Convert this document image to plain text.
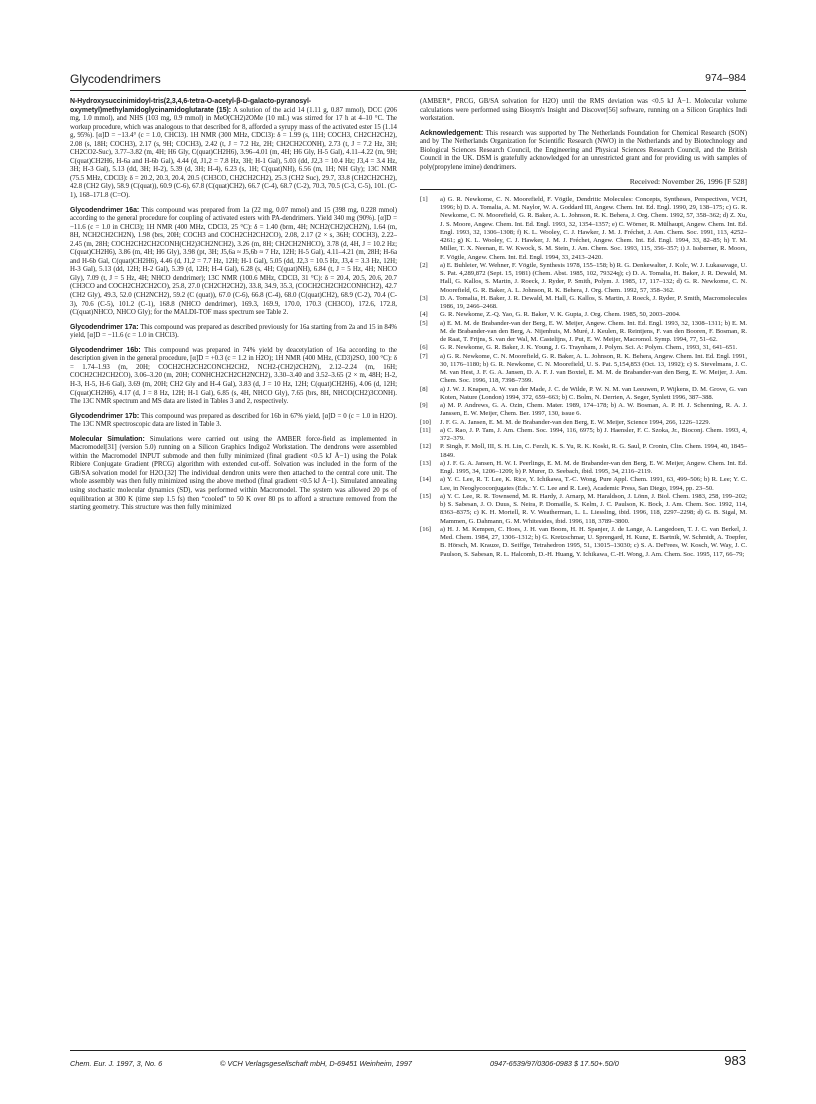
Glycodendrimers	974–984

N-Hydroxysuccinimidoyl-tris(2,3,4,6-tetra-O-acetyl-β-D-galacto-pyranosyl-oxymetyl)methylamidoglycinamidoglutarate (15): A solution of the acid 14 (1.11 g, 0.87 mmol), DCC (206 mg, 1.0 mmol), and NHS (103 mg, 0.9 mmol) in MeO(CH2)2OMe (10 mL) was stirred for 17 h at 4–10 °C. The workup procedure, which was analogous to that described for 8, afforded a syrupy mass of the activated ester 15 (1.14 g, 95%). [α]D = −13.4° (c = 1.0, CHCl3). 1H NMR (300 MHz, CDCl3): δ = 1.99 (s, 11H; COCH3, CH2CH2CH2), 2.08 (s, 18H; COCH3), 2.17 (s, 9H; COCH3), 2.42 (t, J = 7.2 Hz, 2H; CH2CH2CONH), 2.73 (t, J = 7.2 Hz, 3H; CH2CO2-Suc), 3.77–3.82 (m, 4H; H6 Gly, C(quat)CH2H6), 3.96–4.01 (m, 4H; H6 Gly, H-5 Gal), 4.11–4.22 (m, 9H; C(quat)CH2H6, H-6a and H-6b Gal), 4.44 (d, J1,2 = 7.8 Hz, 3H; H-1 Gal), 5.03 (dd, J2,3 = 10.4 Hz; J3,4 = 3.4 Hz, 3H; H-3 Gal), 5.13 (dd, 3H; H-2), 5.39 (d, 3H; H-4), 6.23 (s, 1H; C(quat)NH), 6.56 (m, 1H; NH Gly); 13C NMR (75.5 MHz, CDCl3): δ = 20.2, 20.3, 20.4, 20.5 (CH3CO, CH2CH2CH2), 25.3 (CH2 Suc), 29.7, 33.8 (CH2CH2CH2), 42.8 (CH2 Gly), 58.9 (C(quat)), 60.9 (C-6), 67.8 (C(quat)CH2), 66.7 (C-4), 68.7 (C-2), 70.3, 70.5 (C-3, C-5), 101. (C-1), 168–171.8 (C=O).

Glycodendrimer 16a: This compound was prepared from 1a (22 mg, 0.07 mmol) and 15 (398 mg, 0.228 mmol) according to the general procedure for coupling of activated esters with PA-dendrimers. Yield 340 mg (90%). [α]D = −11.6 (c = 1.0 in CHCl3); 1H NMR (400 MHz, CDCl3, 25 °C): δ = 1.40 (brm, 4H; NCH2(CH2)2CH2N), 1.64 (m, 8H, NCH2CH2CH2N), 1.98 (brs, 20H; COCH3 and COCH2CH2CH2CO), 2.08, 2.17 (2 × s, 36H; COCH3), 2.22–2.45 (m, 28H; COCH2CH2CH2CONH(CH2)3CH2NCH2), 3.26 (m, 8H; CH2CH2NHCO), 3.78 (d, 4H, J = 10.2 Hz; C(quat)CH2H6), 3.86 (m, 4H; H6 Gly), 3.98 (pt, 3H; J5,6a ≈ J5,6b ≈ 7 Hz, 12H; H-5 Gal), 4.11–4.21 (m, 28H; H-6a and H-6b Gal, C(quat)CH2H6), 4.46 (d, J1,2 = 7.7 Hz, 12H; H-1 Gal), 5.05 (dd, J2,3 = 10.5 Hz, J3,4 = 3.3 Hz, 12H; H-3 Gal), 5.13 (dd, 12H; H-2 Gal), 5.39 (d, 12H; H-4 Gal), 6.28 (s, 4H; C(quat)NH), 6.84 (t, J = 5 Hz, 4H; NHCO Gly), 7.09 (t, J = 5 Hz, 4H; NHCO dendrimer); 13C NMR (100.6 MHz, CDCl3, 31 °C): δ = 20.4, 20.5, 20.6, 20.7 (CH3CO and COCH2CH2CH2CO), 25.8, 27.0 (CH2CH2CH2), 33.8, 34.9, 35.3, (COCH2CH2CH2CONHCH2), 42.7 (CH2 Gly), 49.3, 52.0 (CH2NCH2), 59.2 (C (quat)), 67.0 (C-6), 66.8 (C-4), 68.0 (C(quat)CH2), 68.9 (C-2), 70.4 (C-3), 70.6 (C-5), 101.2 (C-1), 168.8 (NHCO dendrimer), 169.3, 169.9, 170.0, 170.3 (CH3CO), 172.6, 172.8, (C(quat)NHCO, NHCO Gly); for the MALDI-TOF mass spectrum see Table 2.

Glycodendrimer 17a: This compound was prepared as described previously for 16a starting from 2a and 15 in 84% yield, [α]D = −11.6 (c = 1.0 in CHCl3).

Glycodendrimer 16b: This compound was prepared in 74% yield by deacetylation of 16a according to the description given in the general procedure, [α]D = +0.3 (c = 1.2 in H2O); 1H NMR (400 MHz, (CD3)2SO, 100 °C): δ = 1.74–1.93 (m, 20H; COCH2CH2CH2CONCH2CH2, NCH2-(CH2)2CH2N), 2.12–2.24 (m, 16H; COCH2CH2CH2CO), 3.06–3.20 (m, 20H; CONHCH2CH2CH2NCH2), 3.30–3.40 and 3.52–3.65 (2 × m, 48H; H-2, H-3, H-5, H-6 Gal), 3.69 (m, 20H; CH2 Gly and H-4 Gal), 3.83 (d, J = 10 Hz, 12H; C(quat)CH2H6), 4.06 (d, 12H; C(quat)CH2H6), 4.17 (d, J = 8 Hz, 12H; H-1 Gal), 6.85 (s, 4H, NHCO Gly), 7.65 (brs, 8H, NHCO(CH2)3CONH). The 13C NMR spectrum and MS data are listed in Tables 3 and 2, respectively.

Glycodendrimer 17b: This compound was prepared as described for 16b in 67% yield, [α]D = 0 (c = 1.0 in H2O). The 13C NMR spectroscopic data are listed in Table 3.

Molecular Simulation: Simulations were carried out using the AMBER force-field as implemented in Macromodel[31] (version 5.0) running on a Silicon Graphics Indigo2 Workstation. The dendrons were assembled within the Macromodel INPUT submode and then fully minimized (final gradient <0.5 kJ Å−1) using the Polak Ribiere Conjugate Gradient (PRCG) algorithm with extended cut-off. Solvation was included in the form of the GB/SA solvation model for H2O.[32] The individual dendron units were then attached to the central core unit. The whole assembly was then fully minimized using the above method (final gradient <0.5 kJ Å−1). Simulated annealing using stochastic molecular dynamics (SD), was performed within Macromodel. The system was allowed 20 ps of equilibration at 300 K (time step 1.5 fs) then “cooled” to 50 K over 80 ps to afford a structure removed from the starting geometry. This structure was then fully minimized

(AMBER*, PRCG, GB/SA solvation for H2O) until the RMS deviation was <0.5 kJ Å−1. Molecular volume calculations were performed using Biosym's Insight and Discover[56] software, running on a Silicon Graphics Indi workstation.

Acknowledgement: This research was supported by The Netherlands Foundation for Chemical Research (SON) and by The Netherlands Organization for Scientific Research (NWO) in the Netherlands and by Biotechnology and Biological Sciences Research Council, the Engineering and Physical Sciences Research Council, and the British Council in the UK. DSM is gratefully acknowledged for an unrestricted grant and for providing us with samples of poly(propylene imine) dendrimers.

Received: November 26, 1996 [F 528]
[1]	a) G. R. Newkome, C. N. Moorefield, F. Vögtle, Dendritic Molecules: Concepts, Syntheses, Perspectives, VCH, 1996; b) D. A. Tomalia, A. M. Naylor, W. A. Goddard III, Angew. Chem. Int. Ed. Engl. 1990, 29, 138–175; c) G. R. Newkome, C. N. Moorefield, G. R. Baker, A. L. Johnson, R. K. Behera, J. Org. Chem. 1992, 57, 358–362; d) Z. Xu, J. S. Moore, Angew. Chem. Int. Ed. Engl. 1993, 32, 1354–1357; e) C. Wörner, R. Mülhaupt, Angew. Chem. Int. Ed. Engl. 1993, 32, 1306–1308; f) K. L. Wooley, C. J. Hawker, J. M. J. Fréchet, J. Am. Chem. Soc. 1991, 113, 4252–4261; g) K. L. Wooley, C. J. Hawker, J. M. J. Fréchet, Angew. Chem. Int. Ed. Engl. 1994, 33, 82–85; h) T. M. Miller, T. X. Neenan, E. W. Kwock, S. M. Stein, J. Am. Chem. Soc. 1993, 115, 356–357; i) J. Issberner, R. Moors, F. Vögtle, Angew. Chem. Int. Ed. Engl. 1994, 33, 2413–2420.
[2]	a) E. Buhleier, W. Wehner, F. Vögtle, Synthesis 1978, 155–158; b) R. G. Denkewalter, J. Kolc, W. J. Lukasavage, U. S. Pat. 4,289,872 (Sept. 15, 1981) (Chem. Abst. 1985, 102, 79324q); c) D. A. Tomalia, H. Baker, J. R. Dewald, M. Hall, G. Kallos, S. Martin, J. Roeck, J. Ryder, P. Smith, Polym. J. 1985, 17, 117–132; d) G. R. Newkome, C. N. Moorefield, G. R. Baker, A. L. Johnson, R. K. Behera, J. Org. Chem. 1992, 57, 358–362.
[3]	D. A. Tomalia, H. Baker, J. R. Dewald, M. Hall, G. Kallos, S. Martin, J. Roeck, J. Ryder, P. Smith, Macromolecules 1986, 19, 2466–2468.
[4]	G. R. Newkome, Z.-Q. Yao, G. R. Baker, V. K. Gupta, J. Org. Chem. 1985, 50, 2003–2004.
[5]	a) E. M. M. de Brabander-van der Berg, E. W. Meijer, Angew. Chem. Int. Ed. Engl. 1993, 32, 1308–1311; b) E. M. M. de Brabander-van den Berg, A. Nijenhuis, M. Muré, J. Keulen, R. Reintjens, F. van den Booren, F. Bosman, R. de Raat, T. Frijns, S. van der Wal, M. Castelijns, J. Put, E. W. Meijer, Macromol. Symp. 1994, 77, 51–62.
[6]	G. R. Newkome, G. R. Baker, J. K. Young, J. G. Traynham, J. Polym. Sci. A: Polym. Chem., 1993, 31, 641–651.
[7]	a) G. R. Newkome, C. N. Moorefield, G. R. Baker, A. L. Johnson, R. K. Behera, Angew. Chem. Int. Ed. Engl. 1991, 30, 1176–1180; b) G. R. Newkome, C. N. Moorefield, U. S. Pat. 5,154,853 (Oct. 13, 1992); c) S. Stevelmans, J. C. M. van Hest, J. F. G. A. Jansen, D. A. F. J. van Boxtel, E. M. M. de Brabander-van den Berg, E. W. Meijer, J. Am. Chem. Soc. 1996, 118, 7398–7399.
[8]	a) J. W. J. Knapen, A. W. van der Made, J. C. de Wilde, P. W. N. M. van Leeuwen, P. Wijkens, D. M. Grove, G. van Koten, Nature (London) 1994, 372, 659–663; b) C. Bolm, N. Derrien, A. Seger, Synlett 1996, 387–388.
[9]	a) M. P. Andrews, G. A. Ozin, Chem. Mater. 1989, 174–178; b) A. W. Bosman, A. P. H. J. Schenning, R. A. J. Janssen, E. W. Meijer, Chem. Ber. 1997, 130, issue 6.
[10]	J. F. G. A. Jansen, E. M. M. de Brabander-van den Berg, E. W. Meijer, Science 1994, 266, 1226–1229.
[11]	a) C. Rao, J. P. Tam, J. Am. Chem. Soc. 1994, 116, 6975; b) J. Haensler, F. C. Szoka, Jr., Bioconj. Chem. 1993, 4, 372–379.
[12]	P. Singh, F. Moll, III, S. H. Lin, C. Ferzli, K. S. Yu, R. K. Koski, R. G. Saul, P. Cronin, Clin. Chem. 1994, 40, 1845–1849.
[13]	a) J. F. G. A. Jansen, H. W. I. Peerlings, E. M. M. de Brabander-van den Berg, E. W. Meijer, Angew. Chem. Int. Ed. Engl. 1995, 34, 1206–1209; b) P. Murer, D. Seebach, ibid. 1995, 34, 2116–2119.
[14]	a) Y. C. Lee, R. T. Lee, K. Rice, Y. Ichikawa, T.-C. Wong, Pure Appl. Chem. 1991, 63, 499–506; b) R. Lee; Y. C. Lee, in Neoglycoconjugates (Eds.: Y. C. Lee and R. Lee), Academic Press, San Diego, 1994, pp. 23–50.
[15]	a) Y. C. Lee, R. R. Townsend, M. R. Hardy, J. Arnarp, M. Haraldson, J. Lönn, J. Biol. Chem. 1983, 258, 199–202; b) S. Sabesan, J. O. Duus, S. Neira, P. Domaille, S. Kelm, J. C. Paulson, K. Bock, J. Am. Chem. Soc. 1992, 114, 8363–8375; c) K. H. Mortell, R. V. Weatherman, L. L. Liessling, ibid. 1996, 118, 2297–2298; d) G. B. Sigal, M. Mammen, G. Dahmann, G. M. Whitesides, ibid. 1996, 118, 3789–3800.
[16]	a) H. J. M. Kempen, C. Hoes, J. H. van Boom, H. H. Spanjer, J. de Lange, A. Langedoen, T. J. C. van Berkel, J. Med. Chem. 1984, 27, 1306–1312; b) G. Kretzschmar, U. Sprengard, H. Kunz, E. Bartnik, W. Schmidt, A. Toepfer, B. Hörsch, M. Krauze, D. Seiffge, Tetrahedron 1995, 51, 13015–13030; c) S. A. DeFrees, W. Kosch, W. Way, J. C. Paulson, S. Sabesan, R. L. Halcomb, D.-H. Huang, Y. Ichikawa, C.-H. Wong, J. Am. Chem. Soc. 1995, 117, 66–79;
Chem. Eur. J. 1997, 3, No. 6	© VCH Verlagsgesellschaft mbH, D-69451 Weinheim, 1997	0947-6539/97/0306-0983 $ 17.50+.50/0	983
